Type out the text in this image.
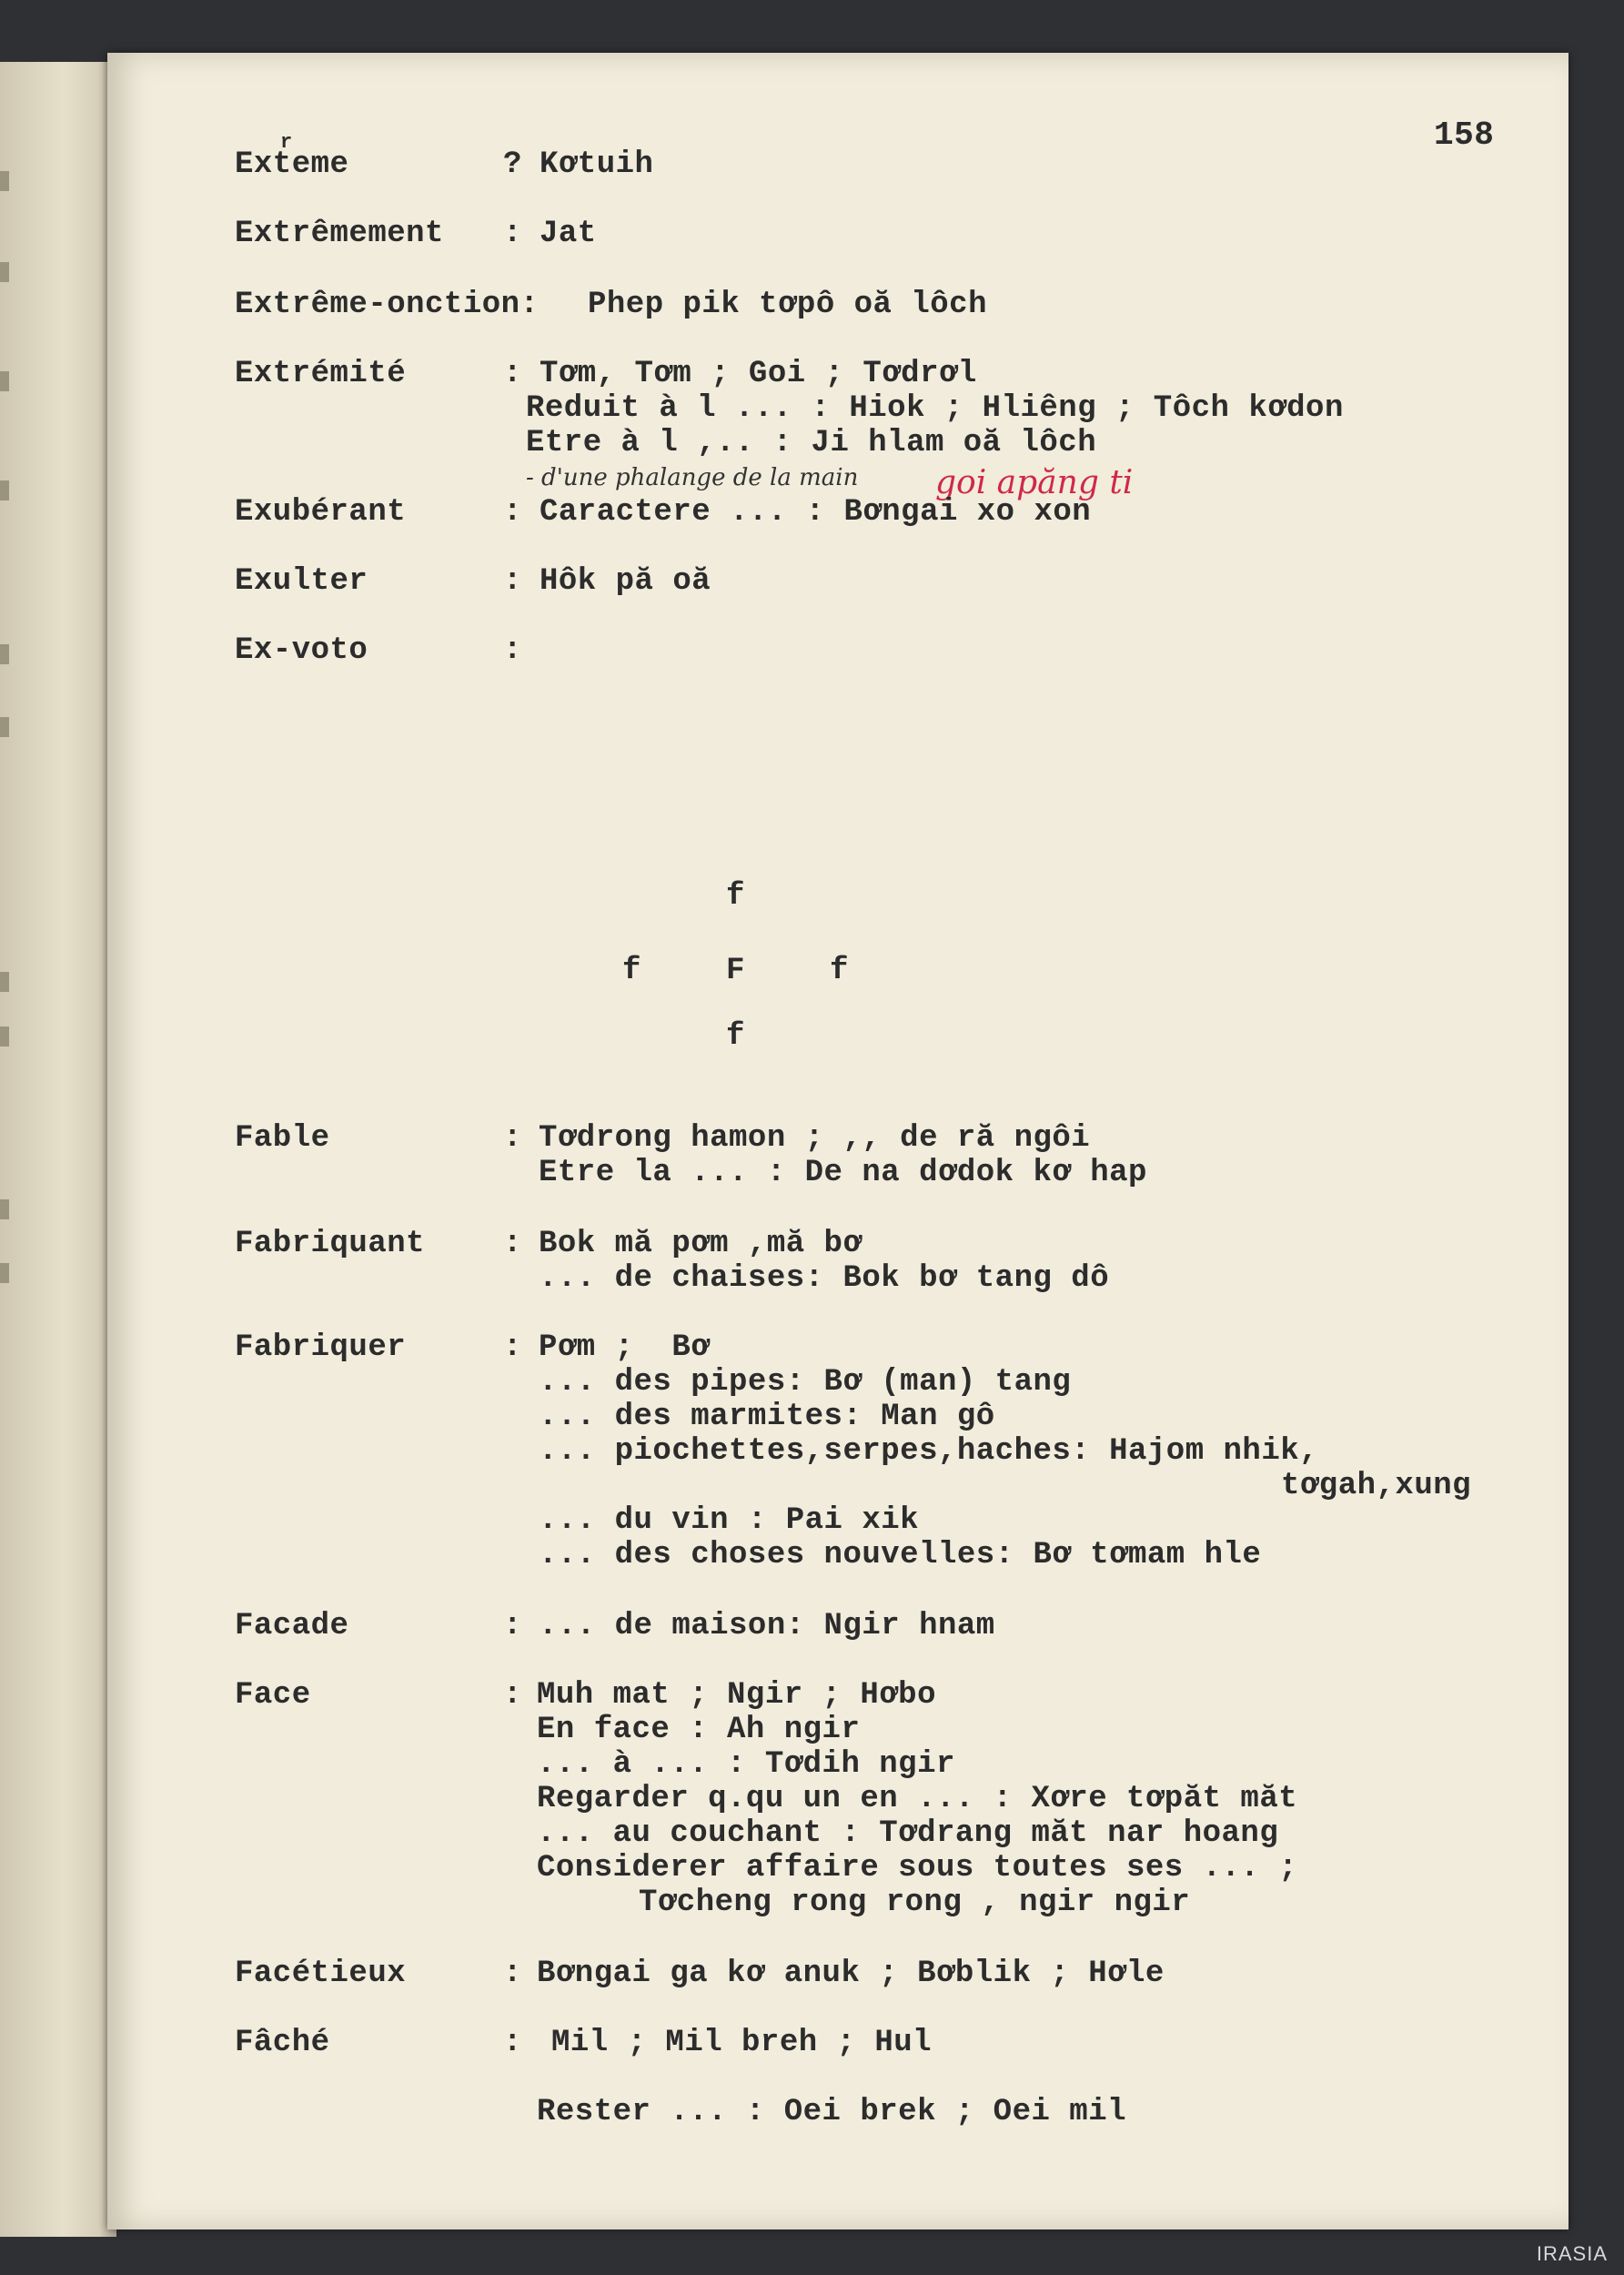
158
r
Exteme	? Kơtuih
Extrêmement : Jat
Extrême-onction: Phep pik tơpô oă lôch
Extrémité	: Tơm, Tơm ; Goi ; Tơdrơl
Reduit à l ... : Hiok ; Hliêng ; Tôch kơdon
Etre à l ,.. : Ji hlam oă lôch
- d'une phalange de la main goi apăng ti
Exubérant	: Caractere ... : Bơngai xo xon
Exulter	: Hôk pă oă
Ex-voto	:
f
f	F	f
f
Fable	: Tơdrong hamon ; ,, de ră ngôi
Etre la ... : De na dơdok kơ hap
Fabriquant	: Bok mă pơm ,mă bơ
... de chaises: Bok bơ tang dô
Fabriquer	: Pơm ;  Bơ
... des pipes: Bơ (man) tang
... des marmites: Man gô
... piochettes,serpes,haches: Hajom nhik,
tơgah,xung
... du vin : Pai xik
... des choses nouvelles: Bơ tơmam hle
Facade	: ... de maison: Ngir hnam
Face	: Muh mat ; Ngir ; Hơbo
En face : Ah ngir
... à ... : Tơdih ngir
Regarder q.qu un en ... : Xơre tơpăt măt
... au couchant : Tơdrang măt nar hoang
Considerer affaire sous toutes ses ... ;
Tơcheng rong rong , ngir ngir
Facétieux	: Bơngai ga kơ anuk ; Bơblik ; Hơle
Fâché	: Mil ; Mil breh ; Hul
Rester ... : Oei brek ; Oei mil
IRASIA
